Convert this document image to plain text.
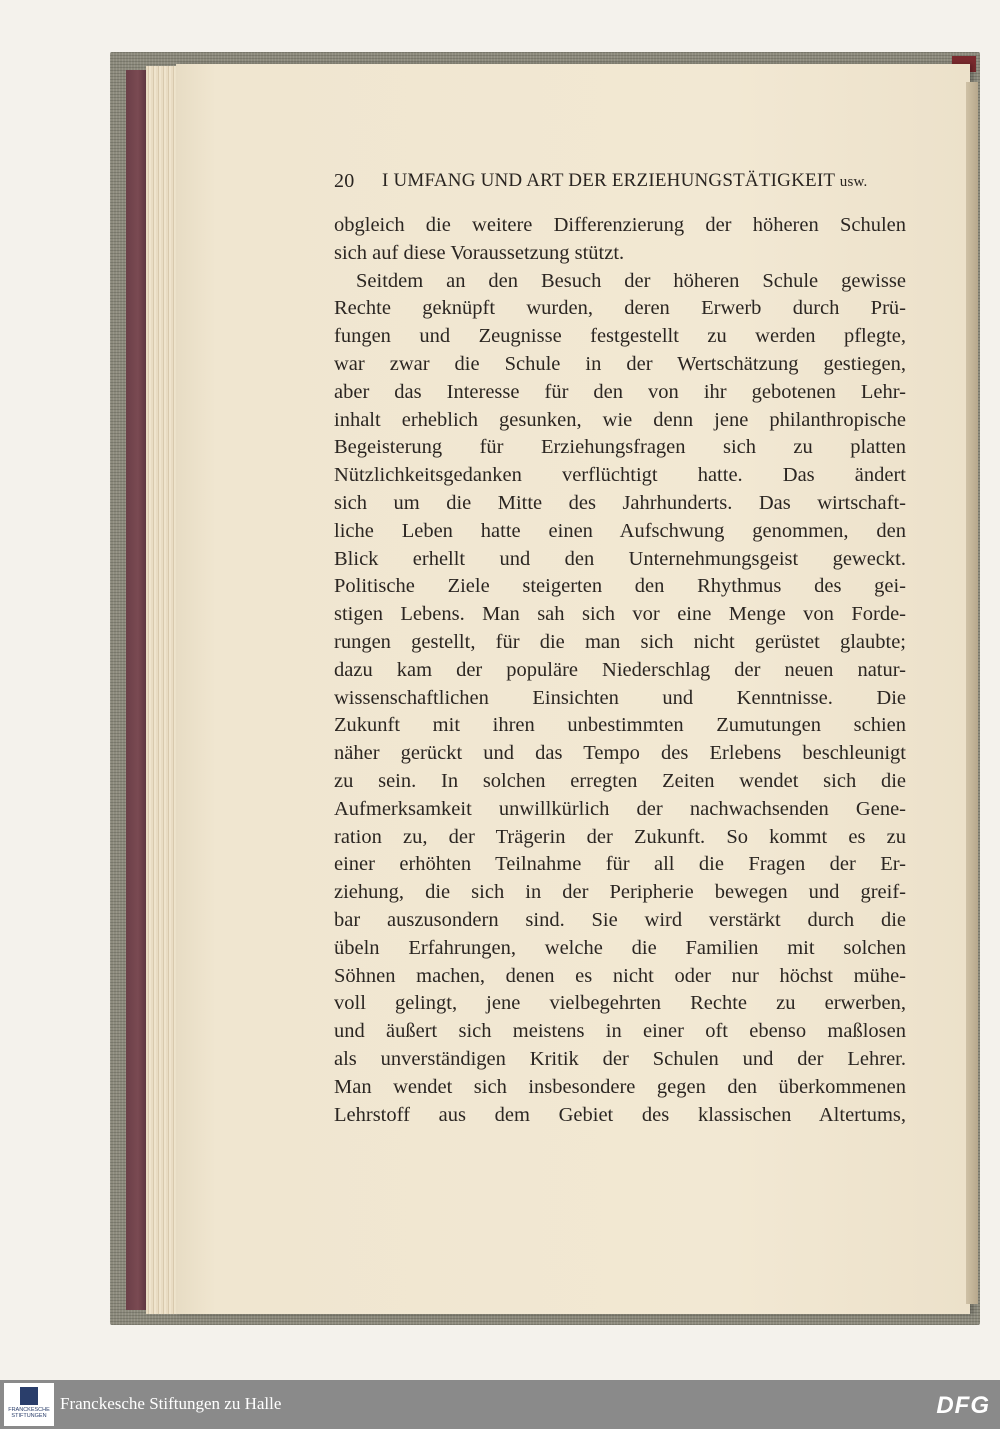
20 I UMFANG UND ART DER ERZIEHUNGSTÄTIGKEIT usw.
obgleich die weitere Differenzierung der höheren Schulen
sich auf diese Voraussetzung stützt.
Seitdem an den Besuch der höheren Schule gewisse
Rechte geknüpft wurden, deren Erwerb durch Prü-
fungen und Zeugnisse festgestellt zu werden pflegte,
war zwar die Schule in der Wertschätzung gestiegen,
aber das Interesse für den von ihr gebotenen Lehr-
inhalt erheblich gesunken, wie denn jene philanthropische
Begeisterung für Erziehungsfragen sich zu platten
Nützlichkeitsgedanken verflüchtigt hatte. Das ändert
sich um die Mitte des Jahrhunderts. Das wirtschaft-
liche Leben hatte einen Aufschwung genommen, den
Blick erhellt und den Unternehmungsgeist geweckt.
Politische Ziele steigerten den Rhythmus des gei-
stigen Lebens. Man sah sich vor eine Menge von Forde-
rungen gestellt, für die man sich nicht gerüstet glaubte;
dazu kam der populäre Niederschlag der neuen natur-
wissenschaftlichen Einsichten und Kenntnisse. Die
Zukunft mit ihren unbestimmten Zumutungen schien
näher gerückt und das Tempo des Erlebens beschleunigt
zu sein. In solchen erregten Zeiten wendet sich die
Aufmerksamkeit unwillkürlich der nachwachsenden Gene-
ration zu, der Trägerin der Zukunft. So kommt es zu
einer erhöhten Teilnahme für all die Fragen der Er-
ziehung, die sich in der Peripherie bewegen und greif-
bar auszusondern sind. Sie wird verstärkt durch die
übeln Erfahrungen, welche die Familien mit solchen
Söhnen machen, denen es nicht oder nur höchst mühe-
voll gelingt, jene vielbegehrten Rechte zu erwerben,
und äußert sich meistens in einer oft ebenso maßlosen
als unverständigen Kritik der Schulen und der Lehrer.
Man wendet sich insbesondere gegen den überkommenen
Lehrstoff aus dem Gebiet des klassischen Altertums,
FRANCKESCHE STIFTUNGEN
Franckesche Stiftungen zu Halle	DFG
